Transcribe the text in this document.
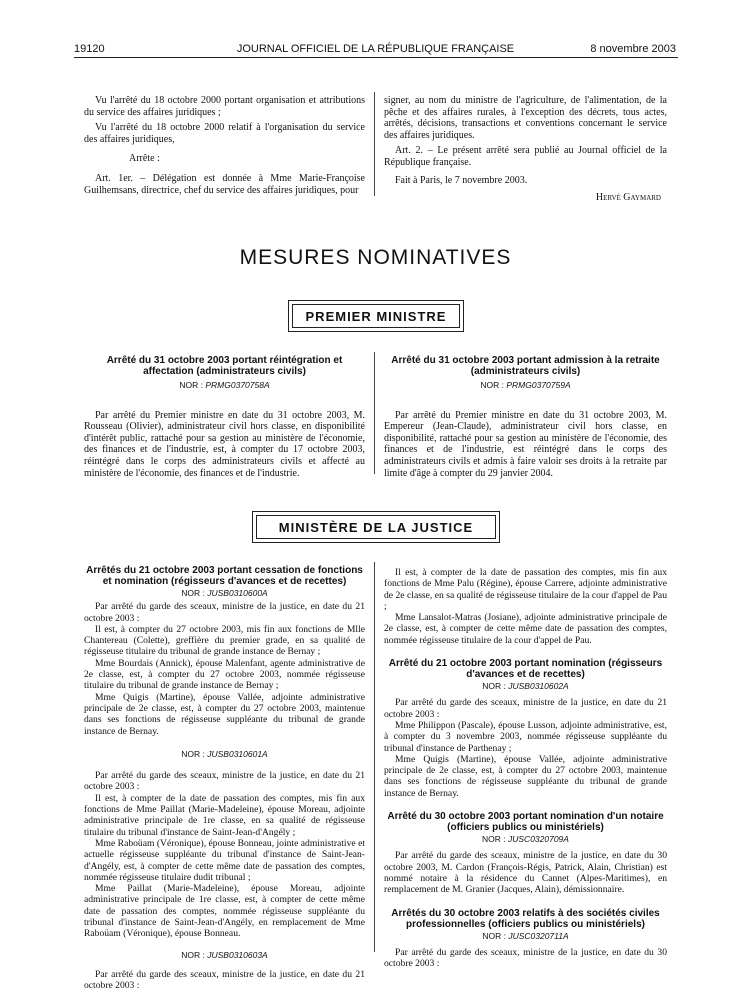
19120	JOURNAL OFFICIEL DE LA RÉPUBLIQUE FRANÇAISE	8 novembre 2003

Vu l'arrêté du 18 octobre 2000 portant organisation et attributions du service des affaires juridiques ;

Vu l'arrêté du 18 octobre 2000 relatif à l'organisation du service des affaires juridiques,

Arrête :

Art. 1er. – Délégation est donnée à Mme Marie-Françoise Guilhemsans, directrice, chef du service des affaires juridiques, pour

signer, au nom du ministre de l'agriculture, de l'alimentation, de la pêche et des affaires rurales, à l'exception des décrets, tous actes, arrêtés, décisions, transactions et conventions concernant le service des affaires juridiques.

Art. 2. – Le présent arrêté sera publié au Journal officiel de la République française.

Fait à Paris, le 7 novembre 2003.

Hervé Gaymard

MESURES NOMINATIVES
PREMIER MINISTRE

Arrêté du 31 octobre 2003 portant réintégration et affectation (administrateurs civils)

NOR : PRMG0370758A

Par arrêté du Premier ministre en date du 31 octobre 2003, M. Rousseau (Olivier), administrateur civil hors classe, en disponibilité d'intérêt public, rattaché pour sa gestion au ministère de l'économie, des finances et de l'industrie, est, à compter du 17 octobre 2003, réintégré dans le corps des administrateurs civils et affecté au ministère de l'économie, des finances et de l'industrie.

Arrêté du 31 octobre 2003 portant admission à la retraite (administrateurs civils)

NOR : PRMG0370759A

Par arrêté du Premier ministre en date du 31 octobre 2003, M. Empereur (Jean-Claude), administrateur civil hors classe, en disponibilité, rattaché pour sa gestion au ministère de l'économie, des finances et de l'industrie, est réintégré dans le corps des administrateurs civils et admis à faire valoir ses droits à la retraite par limite d'âge à compter du 29 janvier 2004.

MINISTÈRE DE LA JUSTICE

Arrêtés du 21 octobre 2003 portant cessation de fonctions et nomination (régisseurs d'avances et de recettes)

NOR : JUSB0310600A

Par arrêté du garde des sceaux, ministre de la justice, en date du 21 octobre 2003 :

Il est, à compter du 27 octobre 2003, mis fin aux fonctions de Mlle Chantereau (Colette), greffière du premier grade, en sa qualité de régisseuse titulaire du tribunal de grande instance de Bernay ;

Mme Bourdais (Annick), épouse Malenfant, agente administrative de 2e classe, est, à compter du 27 octobre 2003, nommée régisseuse titulaire du tribunal de grande instance de Bernay ;

Mme Quigis (Martine), épouse Vallée, adjointe administrative principale de 2e classe, est, à compter du 27 octobre 2003, maintenue dans ses fonctions de régisseuse suppléante du tribunal de grande instance de Bernay.

NOR : JUSB0310601A

Par arrêté du garde des sceaux, ministre de la justice, en date du 21 octobre 2003 :

Il est, à compter de la date de passation des comptes, mis fin aux fonctions de Mme Paillat (Marie-Madeleine), épouse Moreau, adjointe administrative principale de 1re classe, en sa qualité de régisseuse titulaire du tribunal d'instance de Saint-Jean-d'Angély ;

Mme Raboüam (Véronique), épouse Bonneau, jointe administrative et actuelle régisseuse suppléante du tribunal d'instance de Saint-Jean-d'Angély, est, à compter de cette même date de passation des comptes, nommée régisseuse titulaire dudit tribunal ;

Mme Paillat (Marie-Madeleine), épouse Moreau, adjointe administrative principale de 1re classe, est, à compter de cette même date de passation des comptes, nommée régisseuse suppléante du tribunal d'instance de Saint-Jean-d'Angély, en remplacement de Mme Raboüam (Véronique), épouse Bonneau.

NOR : JUSB0310603A

Par arrêté du garde des sceaux, ministre de la justice, en date du 21 octobre 2003 :

Il est, à compter de la date de passation des comptes, mis fin aux fonctions de Mme Palu (Régine), épouse Carrere, adjointe administrative de 2e classe, en sa qualité de régisseuse titulaire de la cour d'appel de Pau ;

Mme Lansalot-Matras (Josiane), adjointe administrative principale de 2e classe, est, à compter de cette même date de passation des comptes, nommée régisseuse titulaire de la cour d'appel de Pau.

Arrêté du 21 octobre 2003 portant nomination (régisseurs d'avances et de recettes)

NOR : JUSB0310602A

Par arrêté du garde des sceaux, ministre de la justice, en date du 21 octobre 2003 :

Mme Philippon (Pascale), épouse Lusson, adjointe administrative, est, à compter du 3 novembre 2003, nommée régisseuse suppléante du tribunal d'instance de Parthenay ;

Mme Quigis (Martine), épouse Vallée, adjointe administrative principale de 2e classe, est, à compter du 27 octobre 2003, maintenue dans ses fonctions de régisseuse suppléante du tribunal de grande instance de Bernay.

Arrêté du 30 octobre 2003 portant nomination d'un notaire (officiers publics ou ministériels)

NOR : JUSC0320709A

Par arrêté du garde des sceaux, ministre de la justice, en date du 30 octobre 2003, M. Cardon (François-Régis, Patrick, Alain, Christian) est nommé notaire à la résidence du Cannet (Alpes-Maritimes), en remplacement de M. Granier (Jacques, Alain), démissionnaire.

Arrêtés du 30 octobre 2003 relatifs à des sociétés civiles professionnelles (officiers publics ou ministériels)

NOR : JUSC0320711A

Par arrêté du garde des sceaux, ministre de la justice, en date du 30 octobre 2003 :
